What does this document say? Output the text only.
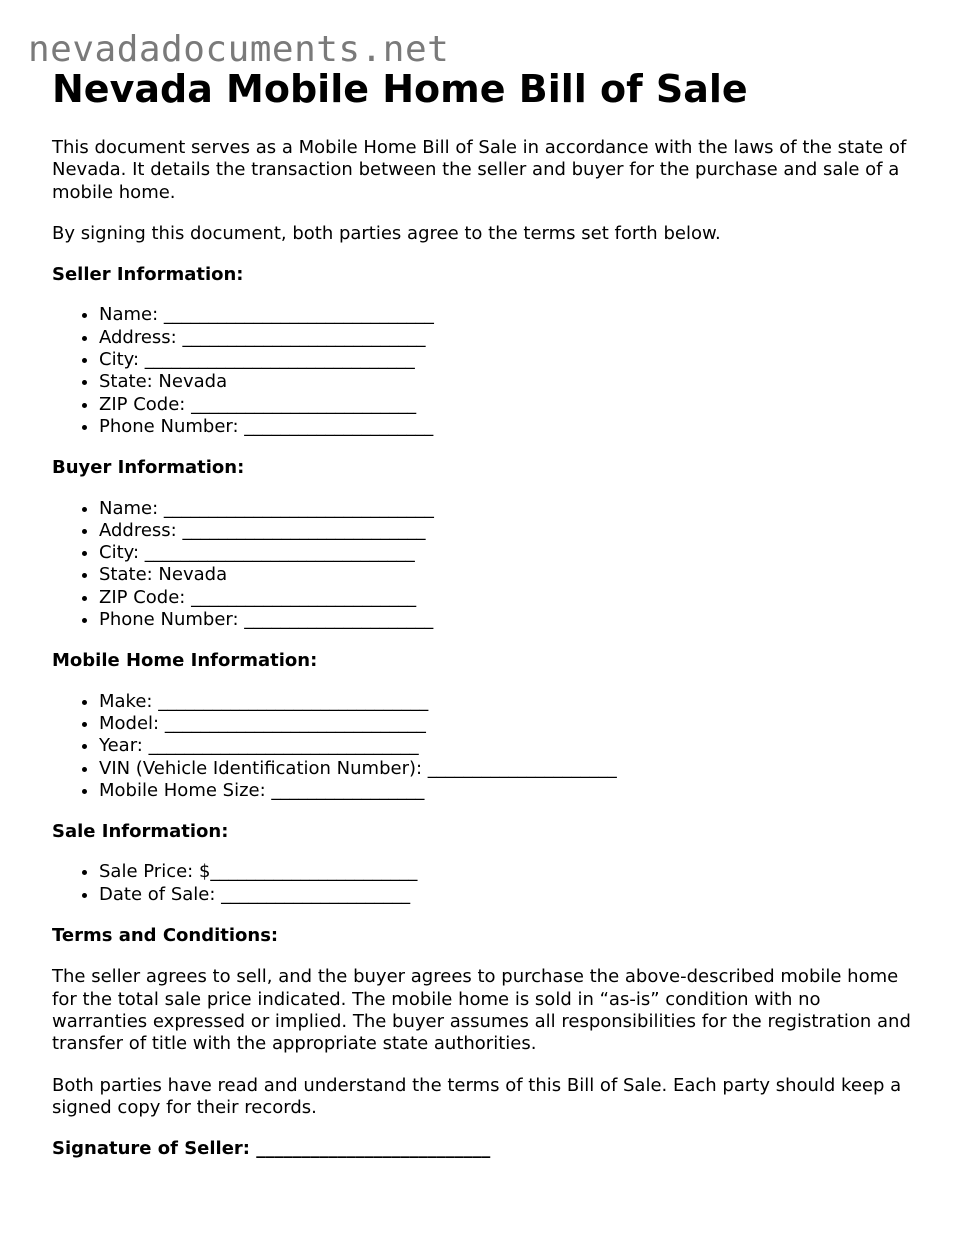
nevadadocuments.net
Nevada Mobile Home Bill of Sale

This document serves as a Mobile Home Bill of Sale in accordance with the laws of the state of Nevada. It details the transaction between the seller and buyer for the purchase and sale of a mobile home.

By signing this document, both parties agree to the terms set forth below.

Seller Information:
• Name: ______________________________
• Address: ___________________________
• City: ______________________________
• State: Nevada
• ZIP Code: _________________________
• Phone Number: _____________________
Buyer Information:
• Name: ______________________________
• Address: ___________________________
• City: ______________________________
• State: Nevada
• ZIP Code: _________________________
• Phone Number: _____________________
Mobile Home Information:
• Make: ______________________________
• Model: _____________________________
• Year: ______________________________
• VIN (Vehicle Identification Number): _____________________
• Mobile Home Size: _________________
Sale Information:
• Sale Price: $_______________________
• Date of Sale: _____________________
Terms and Conditions:

The seller agrees to sell, and the buyer agrees to purchase the above-described mobile home for the total sale price indicated. The mobile home is sold in “as-is” condition with no warranties expressed or implied. The buyer assumes all responsibilities for the registration and transfer of title with the appropriate state authorities.

Both parties have read and understand the terms of this Bill of Sale. Each party should keep a signed copy for their records.

Signature of Seller: __________________________
